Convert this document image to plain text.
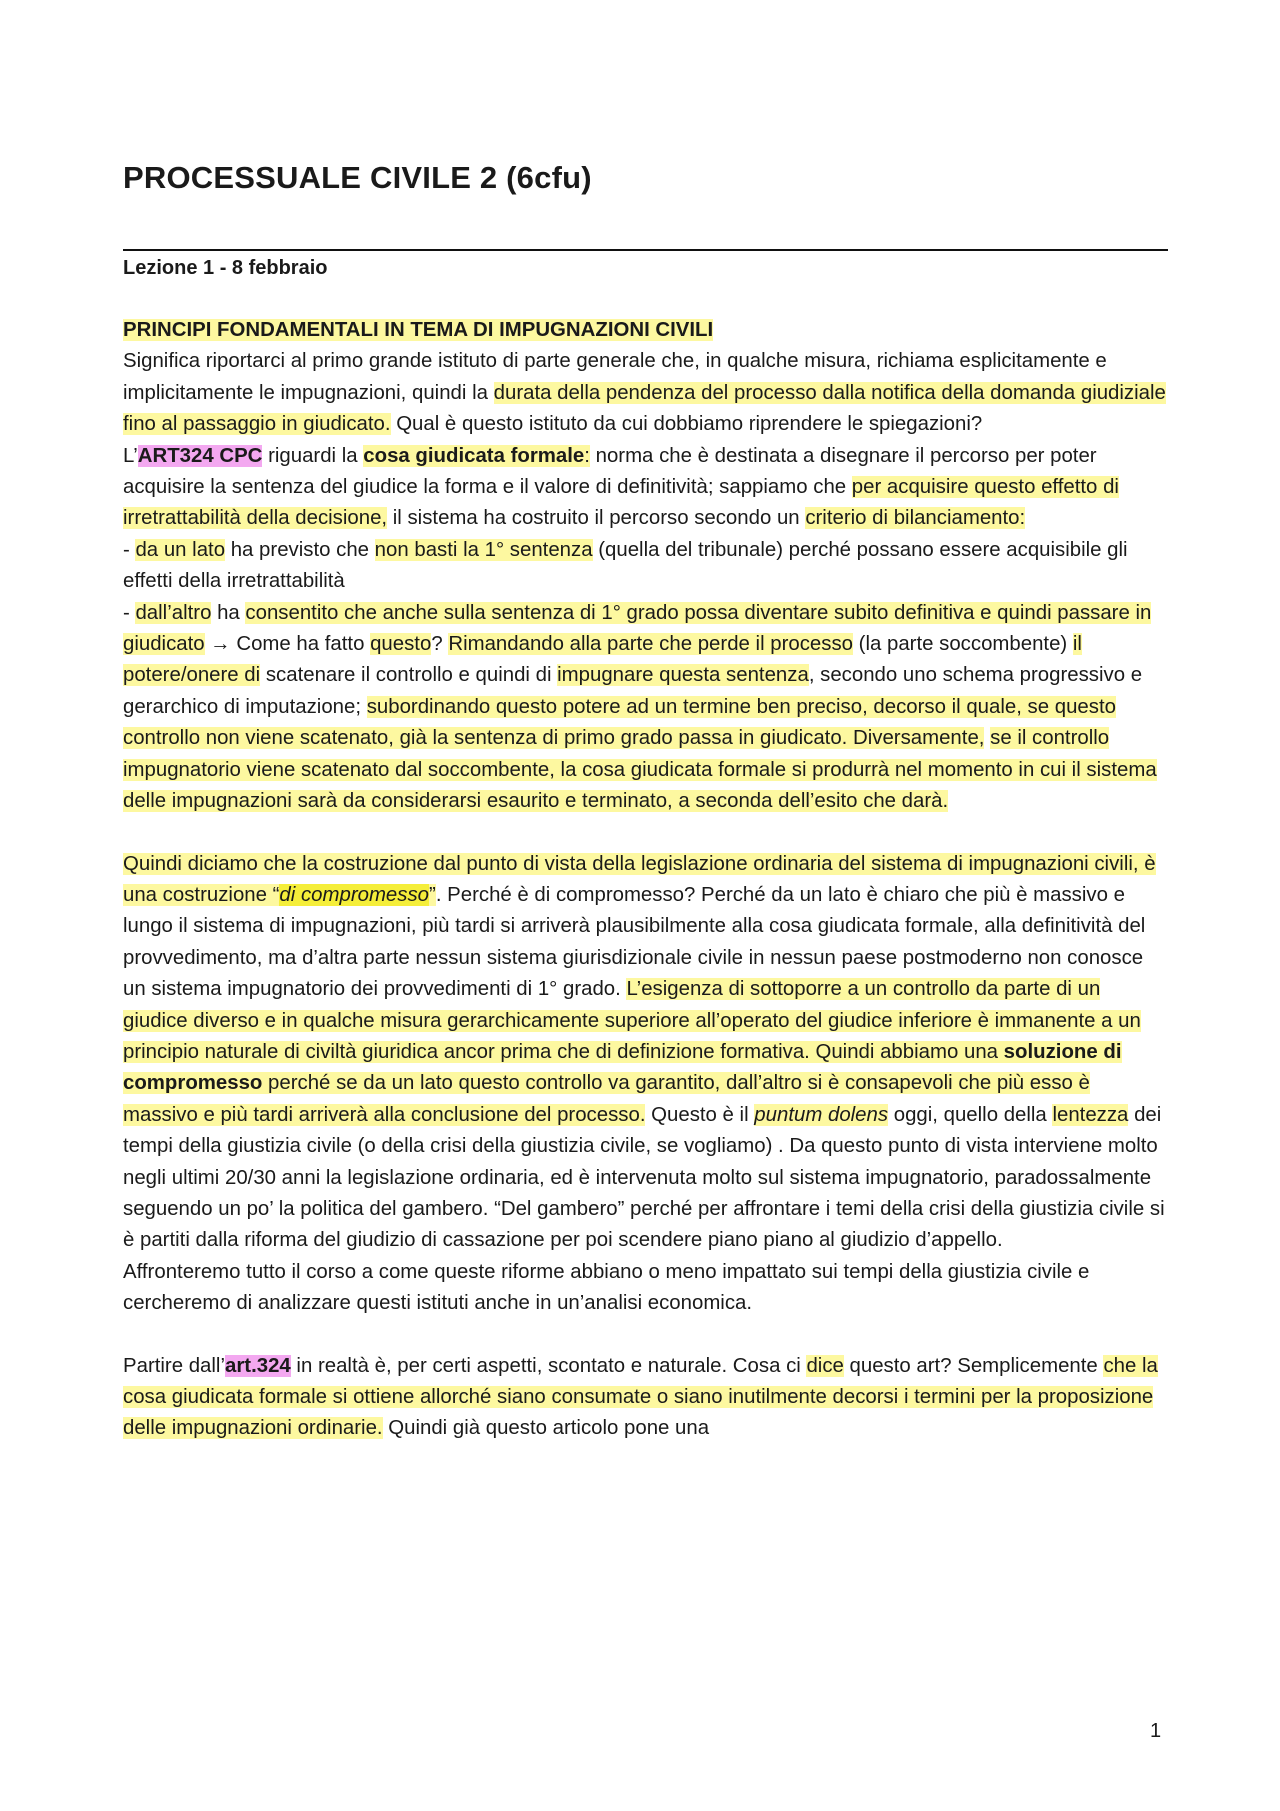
PROCESSUALE CIVILE 2 (6cfu)
Lezione 1 - 8 febbraio

PRINCIPI FONDAMENTALI IN TEMA DI IMPUGNAZIONI CIVILI
Significa riportarci al primo grande istituto di parte generale che, in qualche misura, richiama esplicitamente e implicitamente le impugnazioni, quindi la durata della pendenza del processo dalla notifica della domanda giudiziale fino al passaggio in giudicato. Qual è questo istituto da cui dobbiamo riprendere le spiegazioni?

L’ART324 CPC riguardi la cosa giudicata formale: norma che è destinata a disegnare il percorso per poter acquisire la sentenza del giudice la forma e il valore di definitività; sappiamo che per acquisire questo effetto di irretrattabilità della decisione, il sistema ha costruito il percorso secondo un criterio di bilanciamento:

- da un lato ha previsto che non basti la 1° sentenza (quella del tribunale) perché possano essere acquisibile gli effetti della irretrattabilità

- dall’altro ha consentito che anche sulla sentenza di 1° grado possa diventare subito definitiva e quindi passare in giudicato → Come ha fatto questo? Rimandando alla parte che perde il processo (la parte soccombente) il potere/onere di scatenare il controllo e quindi di impugnare questa sentenza, secondo uno schema progressivo e gerarchico di imputazione; subordinando questo potere ad un termine ben preciso, decorso il quale, se questo controllo non viene scatenato, già la sentenza di primo grado passa in giudicato. Diversamente, se il controllo impugnatorio viene scatenato dal soccombente, la cosa giudicata formale si produrrà nel momento in cui il sistema delle impugnazioni sarà da considerarsi esaurito e terminato, a seconda dell’esito che darà.

Quindi diciamo che la costruzione dal punto di vista della legislazione ordinaria del sistema di impugnazioni civili, è una costruzione “di compromesso”. Perché è di compromesso? Perché da un lato è chiaro che più è massivo e lungo il sistema di impugnazioni, più tardi si arriverà plausibilmente alla cosa giudicata formale, alla definitività del provvedimento, ma d’altra parte nessun sistema giurisdizionale civile in nessun paese postmoderno non conosce un sistema impugnatorio dei provvedimenti di 1° grado. L’esigenza di sottoporre a un controllo da parte di un giudice diverso e in qualche misura gerarchicamente superiore all’operato del giudice inferiore è immanente a un principio naturale di civiltà giuridica ancor prima che di definizione formativa. Quindi abbiamo una soluzione di compromesso perché se da un lato questo controllo va garantito, dall’altro si è consapevoli che più esso è massivo e più tardi arriverà alla conclusione del processo. Questo è il puntum dolens oggi, quello della lentezza dei tempi della giustizia civile (o della crisi della giustizia civile, se vogliamo) . Da questo punto di vista interviene molto negli ultimi 20/30 anni la legislazione ordinaria, ed è intervenuta molto sul sistema impugnatorio, paradossalmente seguendo un po’ la politica del gambero. “Del gambero” perché per affrontare i temi della crisi della giustizia civile si è partiti dalla riforma del giudizio di cassazione per poi scendere piano piano al giudizio d’appello.

Affronteremo tutto il corso a come queste riforme abbiano o meno impattato sui tempi della giustizia civile e cercheremo di analizzare questi istituti anche in un’analisi economica.

Partire dall’art.324 in realtà è, per certi aspetti, scontato e naturale. Cosa ci dice questo art? Semplicemente che la cosa giudicata formale si ottiene allorché siano consumate o siano inutilmente decorsi i termini per la proposizione delle impugnazioni ordinarie. Quindi già questo articolo pone una

1
